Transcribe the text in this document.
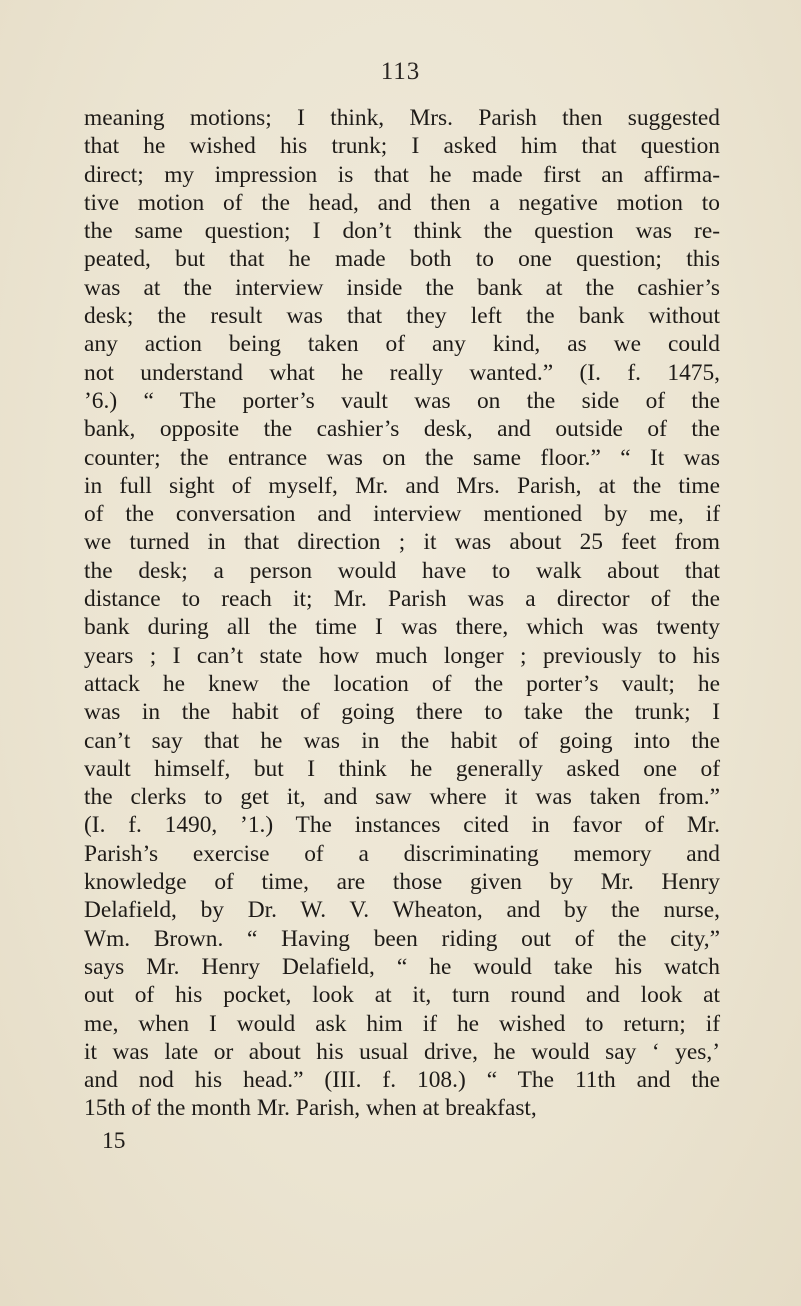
113
meaning motions; I think, Mrs. Parish then suggested
that he wished his trunk; I asked him that question
direct; my impression is that he made first an affirma-
tive motion of the head, and then a negative motion to
the same question; I don’t think the question was re-
peated, but that he made both to one question; this
was at the interview inside the bank at the cashier’s
desk; the result was that they left the bank without
any action being taken of any kind, as we could
not understand what he really wanted.” (I. f. 1475,
’6.) “ The porter’s vault was on the side of the
bank, opposite the cashier’s desk, and outside of the
counter; the entrance was on the same floor.” “ It was
in full sight of myself, Mr. and Mrs. Parish, at the time
of the conversation and interview mentioned by me, if
we turned in that direction ; it was about 25 feet from
the desk; a person would have to walk about that
distance to reach it; Mr. Parish was a director of the
bank during all the time I was there, which was twenty
years ; I can’t state how much longer ; previously to his
attack he knew the location of the porter’s vault; he
was in the habit of going there to take the trunk; I
can’t say that he was in the habit of going into the
vault himself, but I think he generally asked one of
the clerks to get it, and saw where it was taken from.”
(I. f. 1490, ’1.) The instances cited in favor of Mr.
Parish’s exercise of a discriminating memory and
knowledge of time, are those given by Mr. Henry
Delafield, by Dr. W. V. Wheaton, and by the nurse,
Wm. Brown. “ Having been riding out of the city,”
says Mr. Henry Delafield, “ he would take his watch
out of his pocket, look at it, turn round and look at
me, when I would ask him if he wished to return; if
it was late or about his usual drive, he would say ‘ yes,’
and nod his head.” (III. f. 108.) “ The 11th and the
15th of the month Mr. Parish, when at breakfast,
15
